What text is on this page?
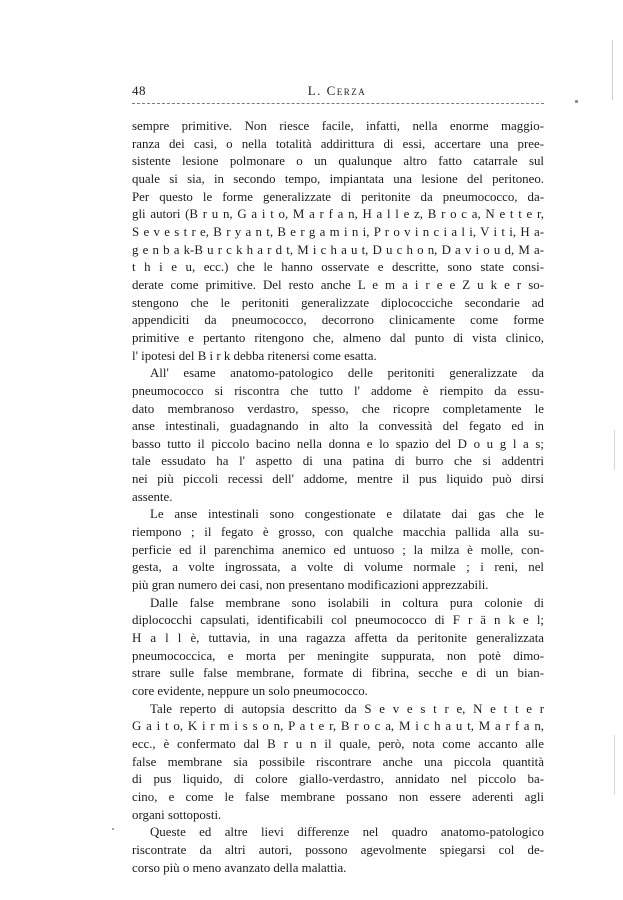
48	L. Cerza
sempre primitive. Non riesce facile, infatti, nella enorme maggio-
ranza dei casi, o nella totalità addirittura di essi, accertare una pree-
sistente lesione polmonare o un qualunque altro fatto catarrale sul
quale si sia, in secondo tempo, impiantata una lesione del peritoneo.
Per questo le forme generalizzate di peritonite da pneumococco, da-
gli autori (B r u n, G a i t o, M a r f a n, H a l l e z, B r o c a, N e t t e r,
S e v e s t r e, B r y a n t, B e r g a m i n i, P r o v i n c i a l i, V i t i, H a-
g e n b a k-B u r c k h a r d t, M i c h a u t, D u c h o n, D a v i o u d, M a-
t h i e u, ecc.) che le hanno osservate e descritte, sono state consi-
derate come primitive. Del resto anche L e m a i r e e Z u k e r so-
stengono che le peritoniti generalizzate diplococciche secondarie ad
appendiciti da pneumococco, decorrono clinicamente come forme
primitive e pertanto ritengono che, almeno dal punto di vista clinico,
l' ipotesi del B i r k debba ritenersi come esatta.
All' esame anatomo-patologico delle peritoniti generalizzate da
pneumococco si riscontra che tutto l' addome è riempito da essu-
dato membranoso verdastro, spesso, che ricopre completamente le
anse intestinali, guadagnando in alto la convessità del fegato ed in
basso tutto il piccolo bacino nella donna e lo spazio del D o u g l a s;
tale essudato ha l' aspetto di una patina di burro che si addentri
nei più piccoli recessi dell' addome, mentre il pus liquido può dirsi
assente.
Le anse intestinali sono congestionate e dilatate dai gas che le
riempono ; il fegato è grosso, con qualche macchia pallida alla su-
perficie ed il parenchima anemico ed untuoso ; la milza è molle, con-
gesta, a volte ingrossata, a volte di volume normale ; i reni, nel
più gran numero dei casi, non presentano modificazioni apprezzabili.
Dalle false membrane sono isolabili in coltura pura colonie di
diplococchi capsulati, identificabili col pneumococco di F r ä n k e l;
H a l l è, tuttavia, in una ragazza affetta da peritonite generalizzata
pneumococcica, e morta per meningite suppurata, non potè dimo-
strare sulle false membrane, formate di fibrina, secche e di un bian-
core evidente, neppure un solo pneumococco.
Tale reperto di autopsia descritto da S e v e s t r e, N e t t e r
G a i t o, K i r m i s s o n, P a t e r, B r o c a, M i c h a u t, M a r f a n,
ecc., è confermato dal B r u n il quale, però, nota come accanto alle
false membrane sia possibile riscontrare anche una piccola quantità
di pus liquido, di colore giallo-verdastro, annidato nel piccolo ba-
cino, e come le false membrane possano non essere aderenti agli
organi sottoposti.
Queste ed altre lievi differenze nel quadro anatomo-patologico
riscontrate da altri autori, possono agevolmente spiegarsi col de-
corso più o meno avanzato della malattia.
